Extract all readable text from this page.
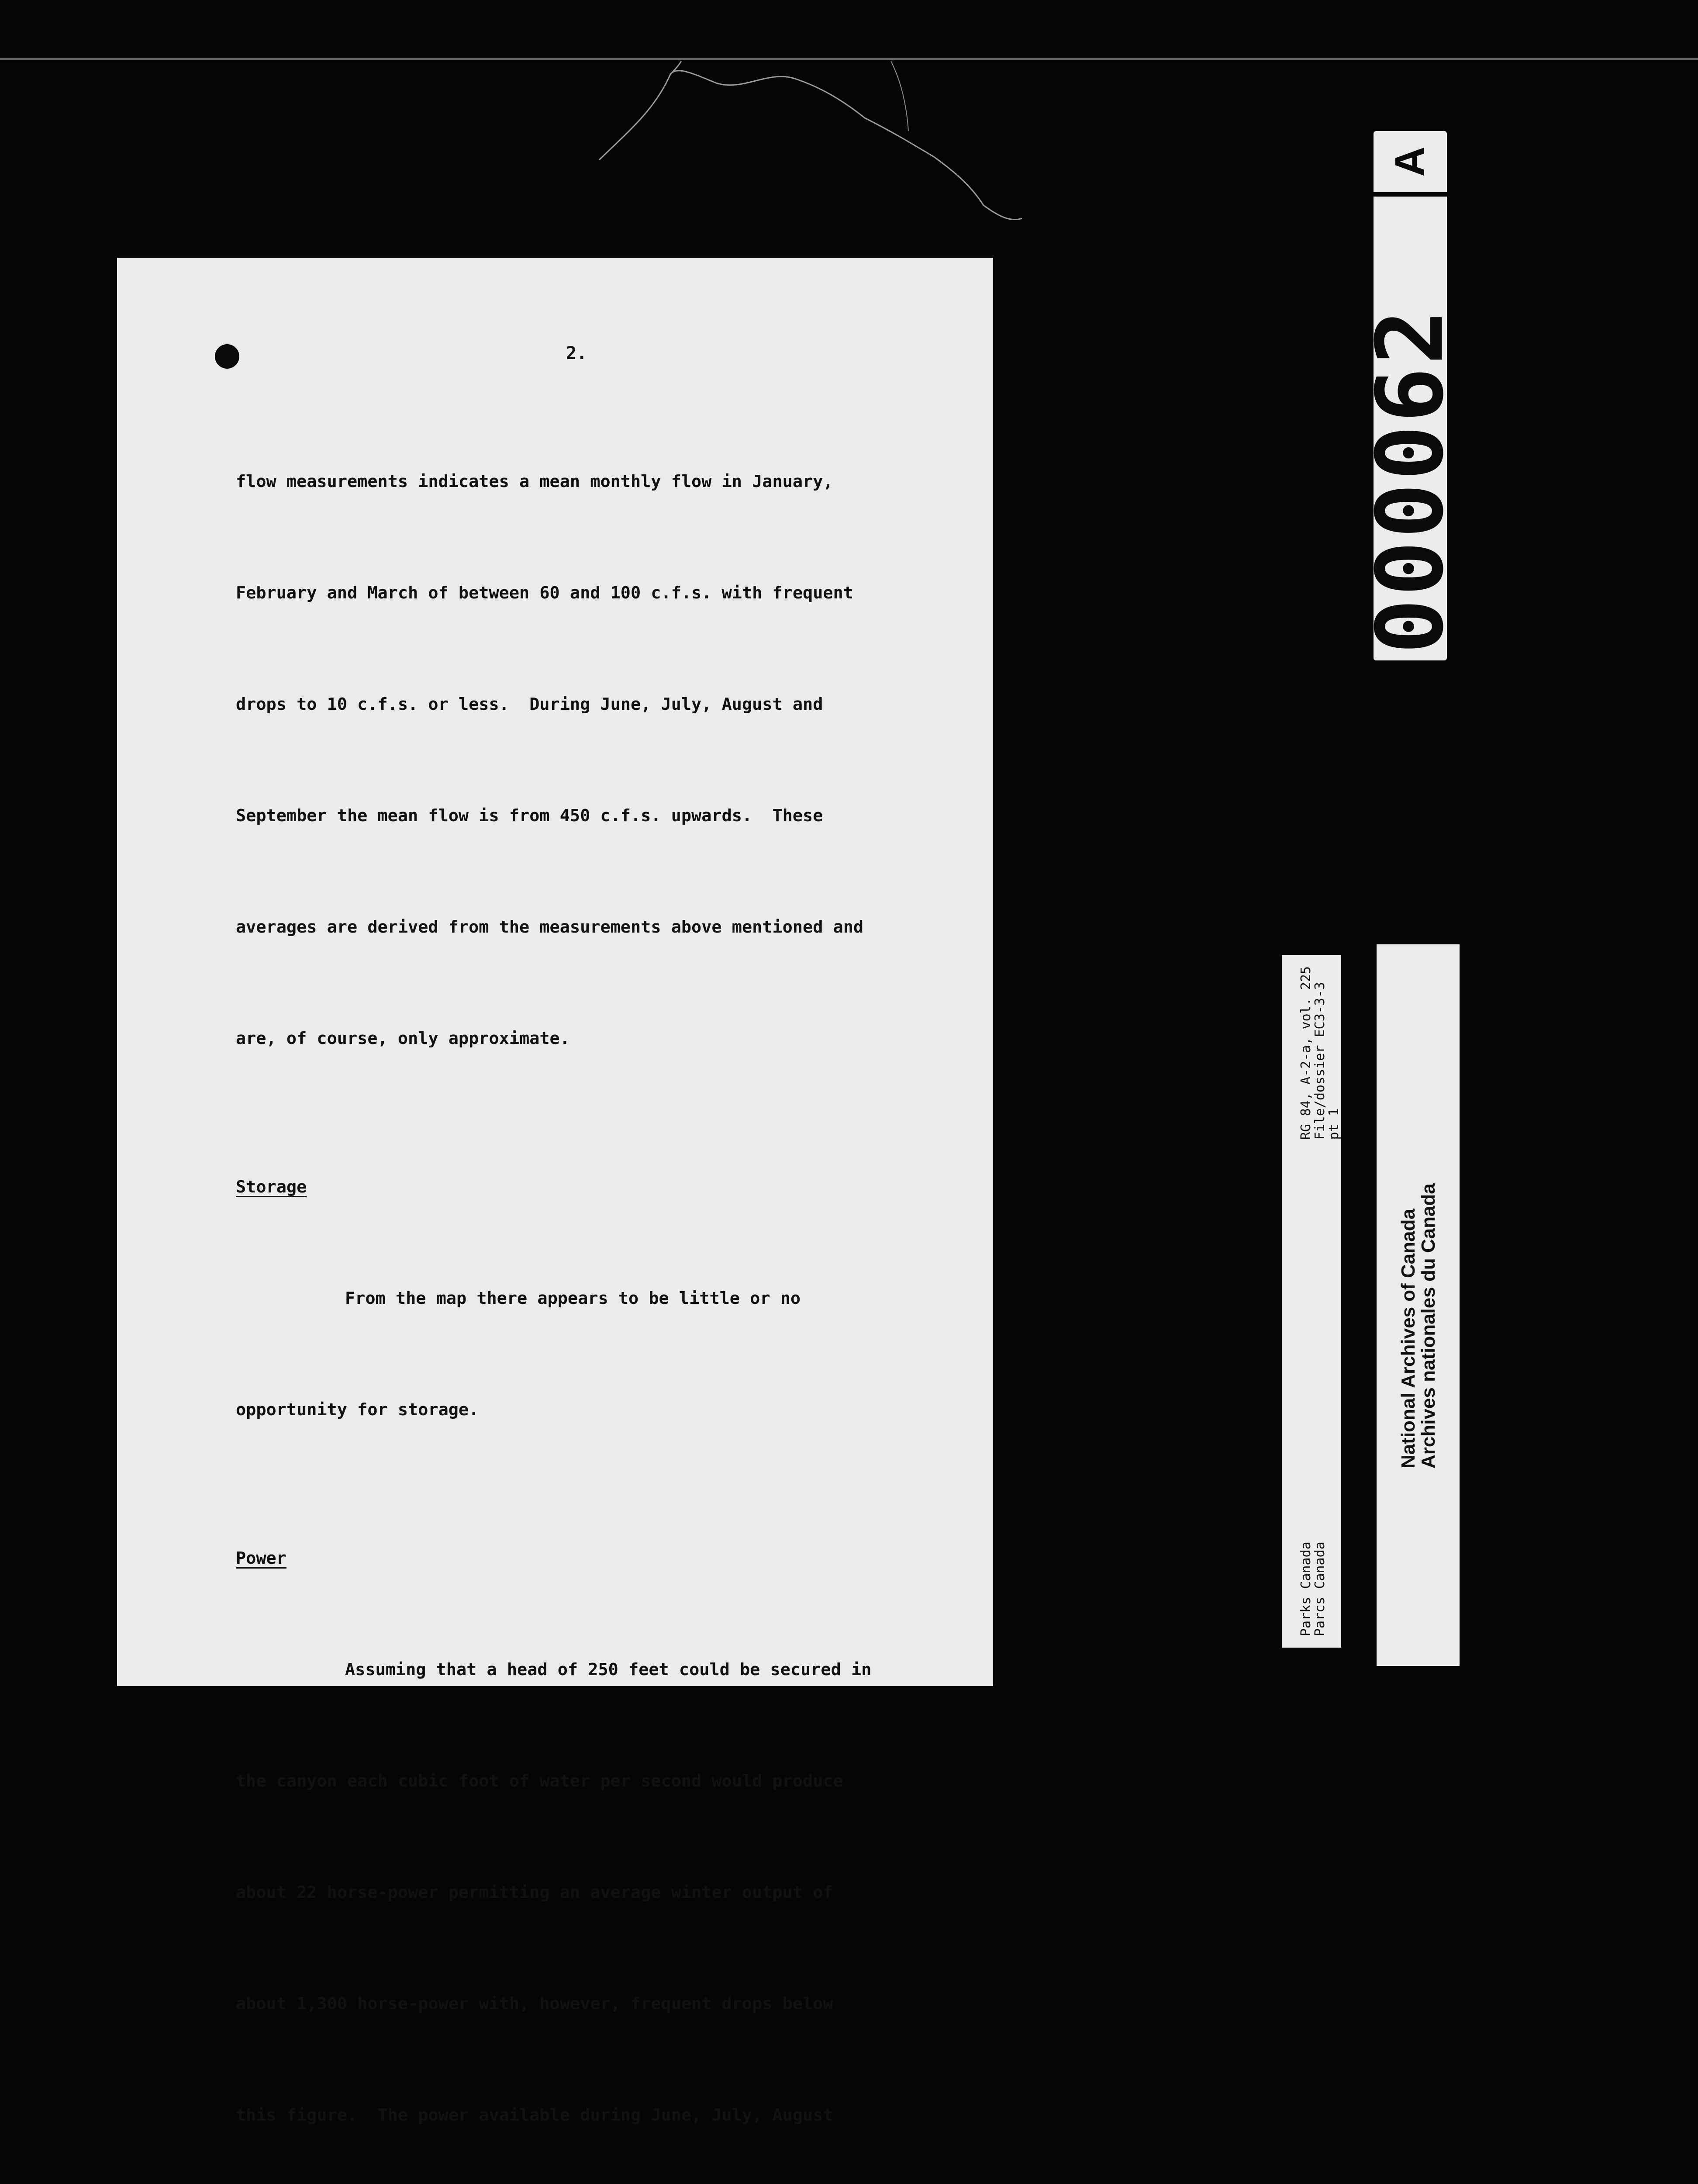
2.

flow measurements indicates a mean monthly flow in January,

February and March of between 60 and 100 c.f.s. with frequent

drops to 10 c.f.s. or less.  During June, July, August and

September the mean flow is from 450 c.f.s. upwards.  These

averages are derived from the measurements above mentioned and

are, of course, only approximate.

Storage

From the map there appears to be little or no

opportunity for storage.

Power

Assuming that a head of 250 feet could be secured in

the canyon each cubic foot of water per second would produce

about 22 horse-power permitting an average winter output of

about 1,300 horse-power with, however, frequent drops below

this figure.  The power available during June, July, August

A
000062
RG 84, A-2-a, vol. 225
File/dossier EC3-3-3
pt 1
Parks Canada
Parcs Canada
National Archives of Canada
Archives nationales du Canada
